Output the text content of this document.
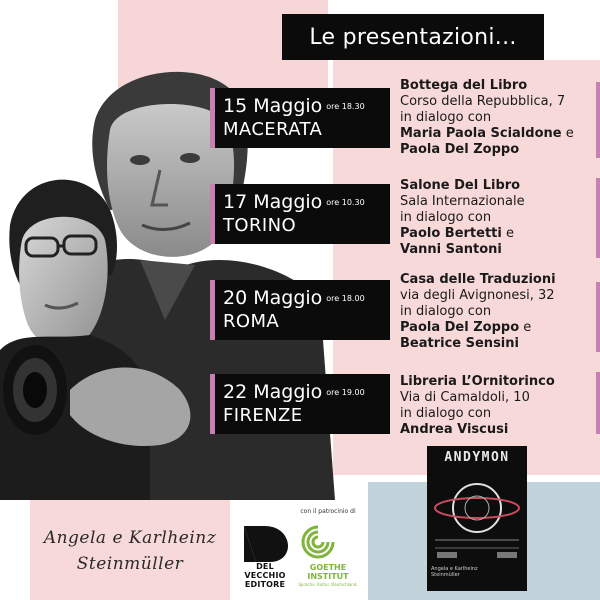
Le presentazioni...
15 Maggio ore 18.30
MACERATA
Bottega del Libro
Corso della Repubblica, 7
in dialogo con
Maria Paola Scialdone e
Paola Del Zoppo
17 Maggio ore 10.30
TORINO
Salone Del Libro
Sala Internazionale
in dialogo con
Paolo Bertetti e
Vanni Santoni
20 Maggio ore 18.00
ROMA
Casa delle Traduzioni
via degli Avignonesi, 32
in dialogo con
Paola Del Zoppo e
Beatrice Sensini
22 Maggio ore 19.00
FIRENZE
Libreria L’Ornitorinco
Via di Camaldoli, 10
in dialogo con
Andrea Viscusi
ANDYMON
Angela e Karlheinz
Steinmüller
Angela e Karlheinz
Steinmüller	DEL
VECCHIO
EDITORE
con il patrocinio di
GOETHE
INSTITUT
Sprache. Kultur. Deutschland.
